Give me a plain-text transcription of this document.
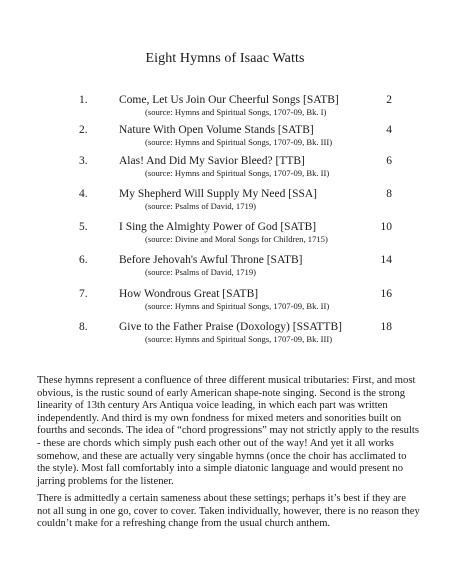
Eight Hymns of Isaac Watts
1.	Come, Let Us Join Our Cheerful Songs [SATB]	2
(source: Hymns and Spiritual Songs, 1707-09, Bk. I)
2.	Nature With Open Volume Stands [SATB]	4
(source: Hymns and Spiritual Songs, 1707-09, Bk. III)
3.	Alas! And Did My Savior Bleed? [TTB]	6
(source: Hymns and Spiritual Songs, 1707-09, Bk. II)
4.	My Shepherd Will Supply My Need [SSA]	8
(source: Psalms of David, 1719)
5.	I Sing the Almighty Power of God [SATB]	10
(source: Divine and Moral Songs for Children, 1715)
6.	Before Jehovah's Awful Throne [SATB]	14
(source: Psalms of David, 1719)
7.	How Wondrous Great [SATB]	16
(source: Hymns and Spiritual Songs, 1707-09, Bk. II)
8.	Give to the Father Praise (Doxology) [SSATTB]	18
(source: Hymns and Spiritual Songs, 1707-09, Bk. III)

These hymns represent a confluence of three different musical tributaries: First, and most obvious, is the rustic sound of early American shape-note singing. Second is the strong linearity of 13th century Ars Antiqua voice leading, in which each part was written independently. And third is my own fondness for mixed meters and sonorities built on fourths and seconds. The idea of “chord progressions” may not strictly apply to the results - these are chords which simply push each other out of the way! And yet it all works somehow, and these are actually very singable hymns (once the choir has acclimated to the style). Most fall comfortably into a simple diatonic language and would present no jarring problems for the listener.

There is admittedly a certain sameness about these settings; perhaps it’s best if they are not all sung in one go, cover to cover. Taken individually, however, there is no reason they couldn’t make for a refreshing change from the usual church anthem.
